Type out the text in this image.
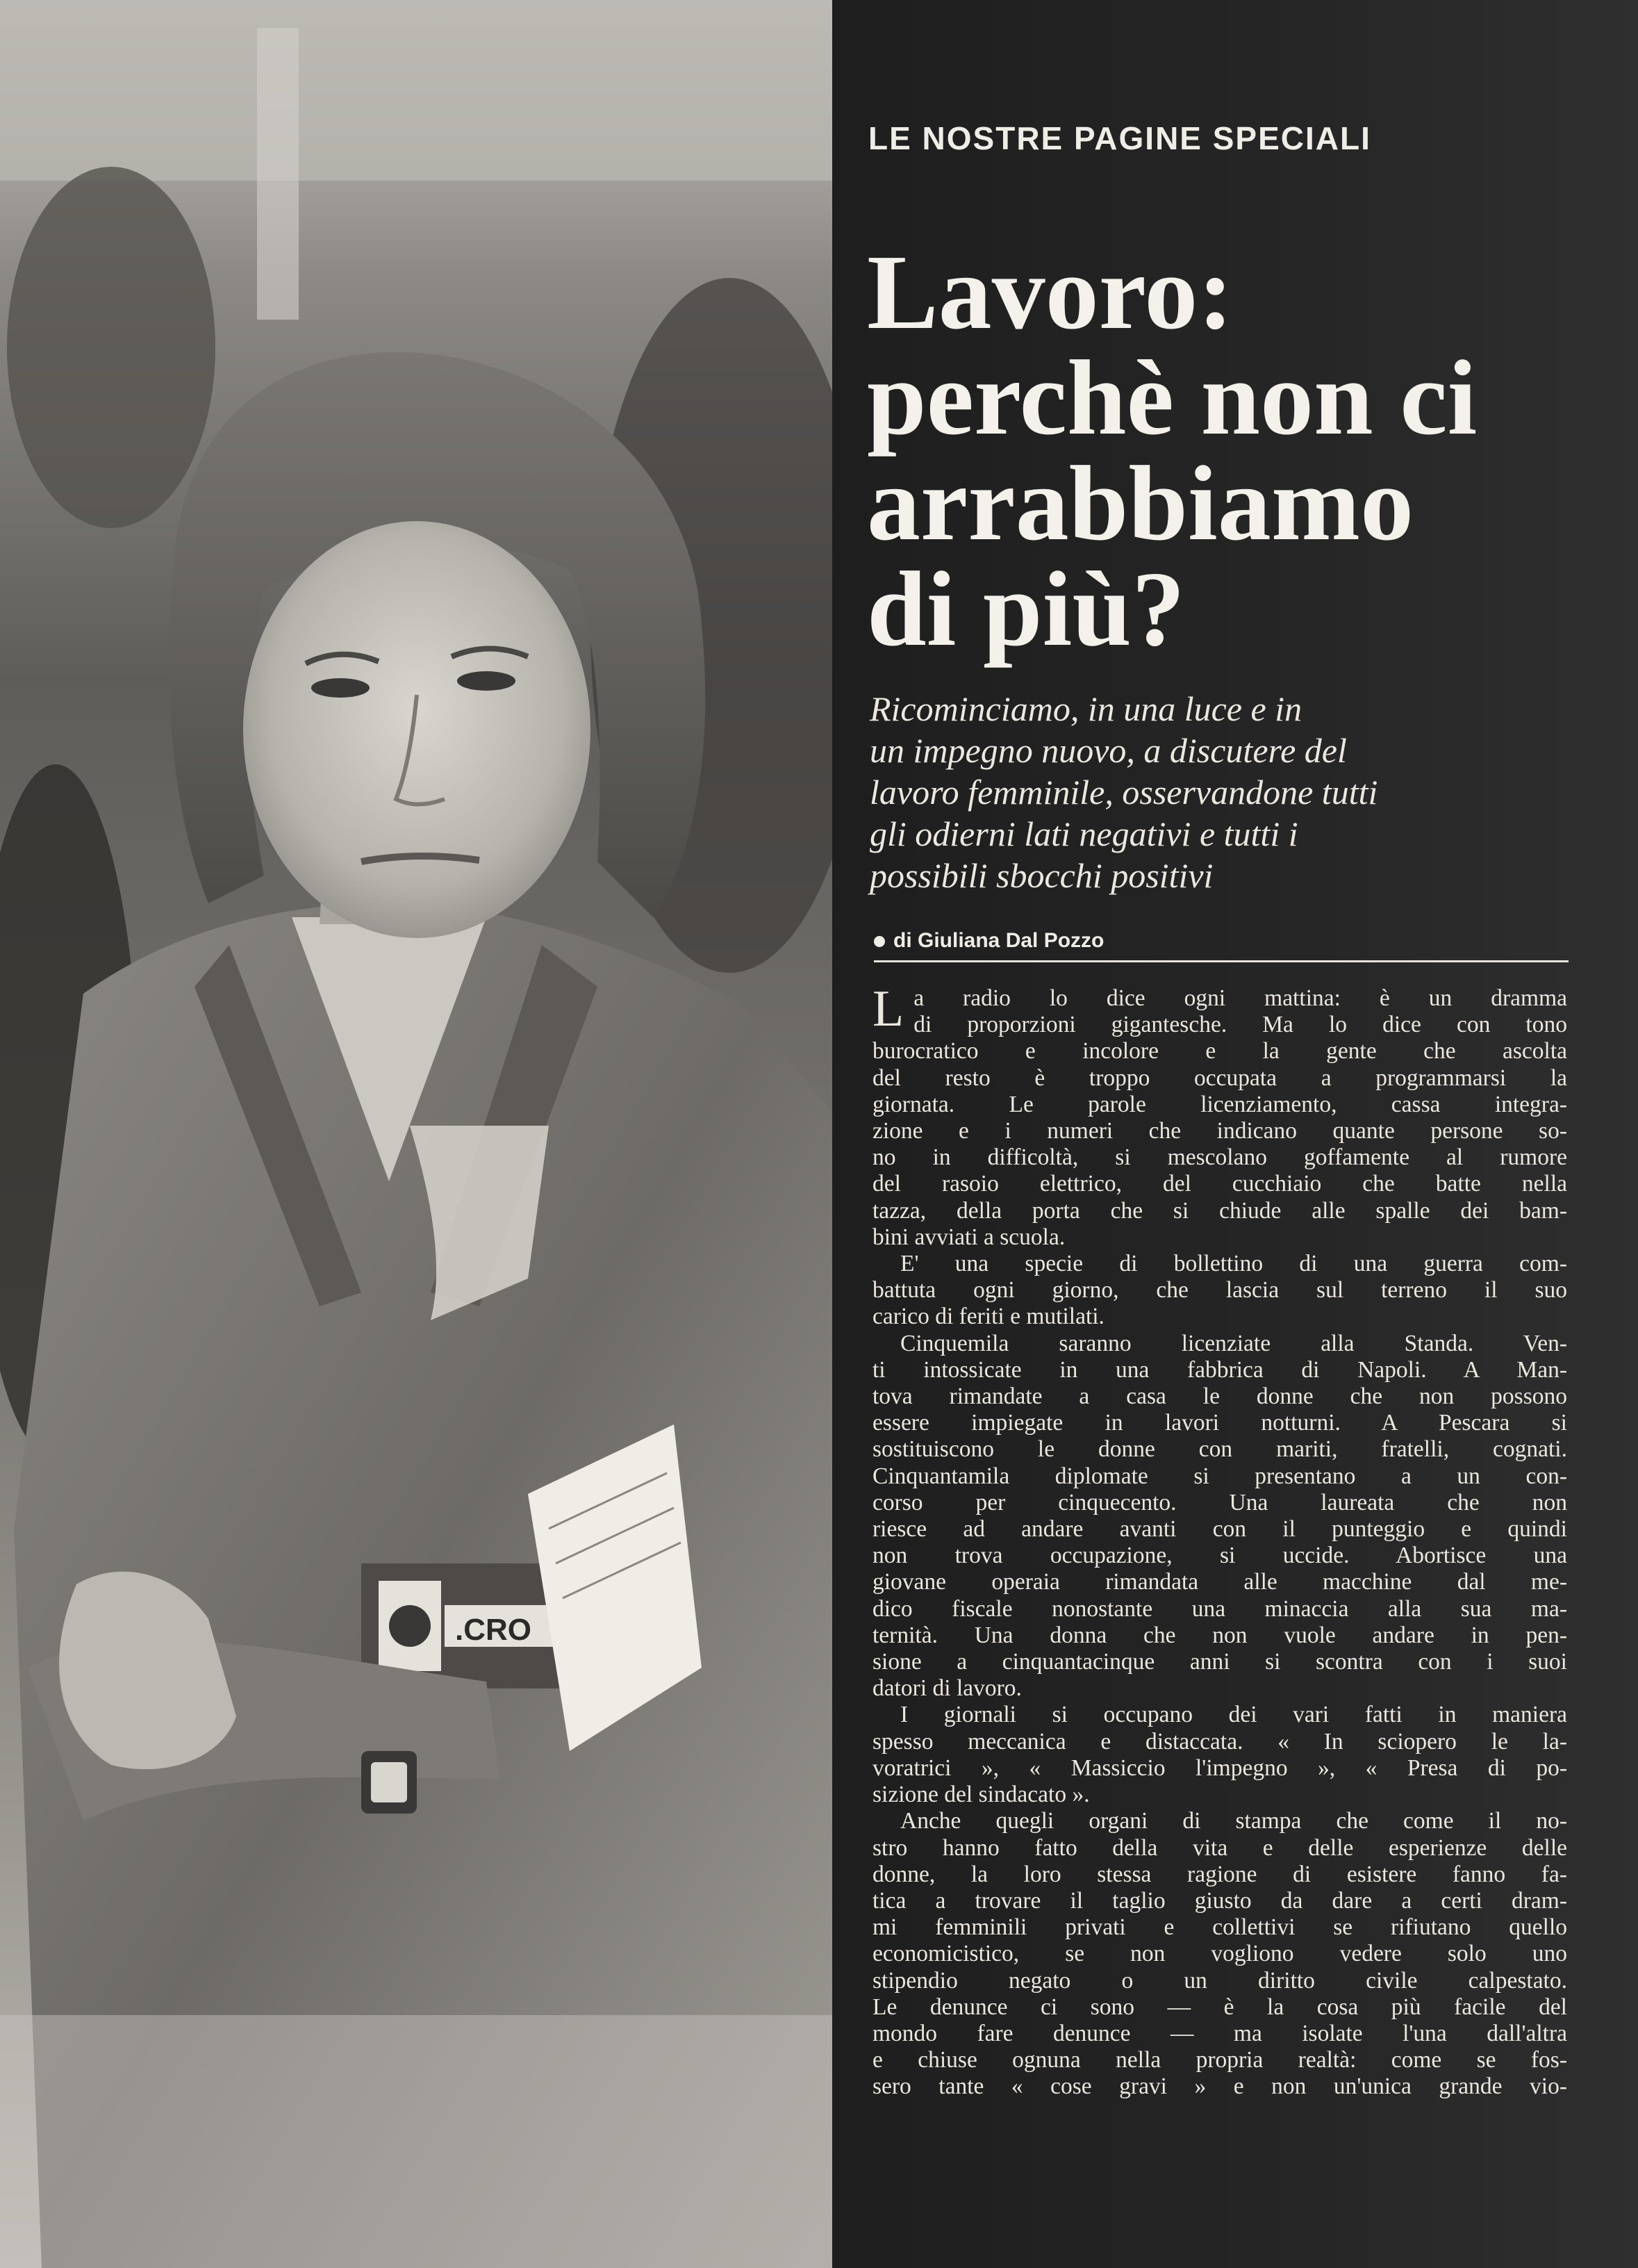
.CRO
LE NOSTRE PAGINE SPECIALI
Lavoro:
perchè non ci
arrabbiamo
di più?
Ricominciamo, in una luce e in
un impegno nuovo, a discutere del
lavoro femminile, osservandone tutti
gli odierni lati negativi e tutti i
possibili sbocchi positivi
di Giuliana Dal Pozzo
L a radio lo dice ogni mattina: è un dramma
di proporzioni gigantesche. Ma lo dice con tono
burocratico e incolore e la gente che ascolta
del resto è troppo occupata a programmarsi la
giornata. Le parole licenziamento, cassa integra-
zione e i numeri che indicano quante persone so-
no in difficoltà, si mescolano goffamente al rumore
del rasoio elettrico, del cucchiaio che batte nella
tazza, della porta che si chiude alle spalle dei bam-
bini avviati a scuola.
E' una specie di bollettino di una guerra com-
battuta ogni giorno, che lascia sul terreno il suo
carico di feriti e mutilati.
Cinquemila saranno licenziate alla Standa. Ven-
ti intossicate in una fabbrica di Napoli. A Man-
tova rimandate a casa le donne che non possono
essere impiegate in lavori notturni. A Pescara si
sostituiscono le donne con mariti, fratelli, cognati.
Cinquantamila diplomate si presentano a un con-
corso per cinquecento. Una laureata che non
riesce ad andare avanti con il punteggio e quindi
non trova occupazione, si uccide. Abortisce una
giovane operaia rimandata alle macchine dal me-
dico fiscale nonostante una minaccia alla sua ma-
ternità. Una donna che non vuole andare in pen-
sione a cinquantacinque anni si scontra con i suoi
datori di lavoro.
I giornali si occupano dei vari fatti in maniera
spesso meccanica e distaccata. « In sciopero le la-
voratrici », « Massiccio l'impegno », « Presa di po-
sizione del sindacato ».
Anche quegli organi di stampa che come il no-
stro hanno fatto della vita e delle esperienze delle
donne, la loro stessa ragione di esistere fanno fa-
tica a trovare il taglio giusto da dare a certi dram-
mi femminili privati e collettivi se rifiutano quello
economicistico, se non vogliono vedere solo uno
stipendio negato o un diritto civile calpestato.
Le denunce ci sono — è la cosa più facile del
mondo fare denunce — ma isolate l'una dall'altra
e chiuse ognuna nella propria realtà: come se fos-
sero tante « cose gravi » e non un'unica grande vio-
